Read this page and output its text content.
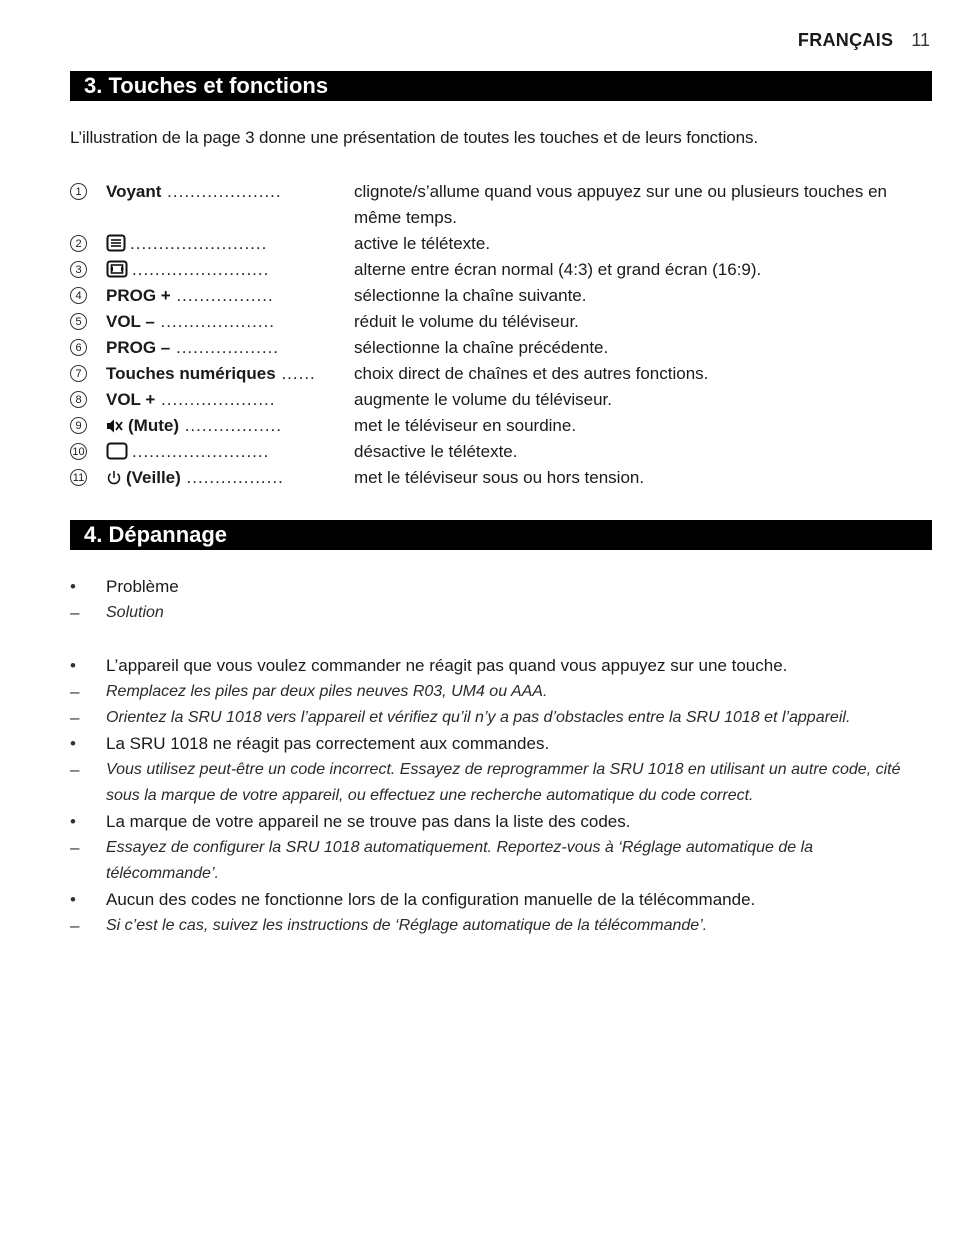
FRANÇAIS 11
3. Touches et fonctions
L’illustration de la page 3 donne une présentation de toutes les touches et de leurs fonctions.
1	Voyant ....................	clignote/s’allume quand vous appuyez sur une ou plusieurs touches en même temps.
2	........................	active le télétexte.
3	........................	alterne entre écran normal (4:3) et grand écran (16:9).
4	PROG + .................	sélectionne la chaîne suivante.
5	VOL – ....................	réduit le volume du téléviseur.
6	PROG – ..................	sélectionne la chaîne précédente.
7	Touches numériques ......	choix direct de chaînes et des autres fonctions.
8	VOL + ....................	augmente le volume du téléviseur.
9	(Mute) .................	met le téléviseur en sourdine.
10	........................	désactive le télétexte.
11	(Veille) .................	met le téléviseur sous ou hors tension.
4. Dépannage
•	Problème
–	Solution
•	L’appareil que vous voulez commander ne réagit pas quand vous appuyez sur une touche.
–	Remplacez les piles par deux piles neuves R03, UM4 ou AAA.
–	Orientez la SRU 1018 vers l’appareil et vérifiez qu’il n’y a pas d’obstacles entre la SRU 1018 et l’appareil.
•	La SRU 1018 ne réagit pas correctement aux commandes.
–	Vous utilisez peut-être un code incorrect. Essayez de reprogrammer la SRU 1018 en utilisant un autre code, cité sous la marque de votre appareil, ou effectuez une recherche automatique du code correct.
•	La marque de votre appareil ne se trouve pas dans la liste des codes.
–	Essayez de configurer la SRU 1018 automatiquement. Reportez-vous à ‘Réglage automatique de la télécommande’.
•	Aucun des codes ne fonctionne lors de la configuration manuelle de la télécommande.
–	Si c’est le cas, suivez les instructions de ‘Réglage automatique de la télécommande’.
